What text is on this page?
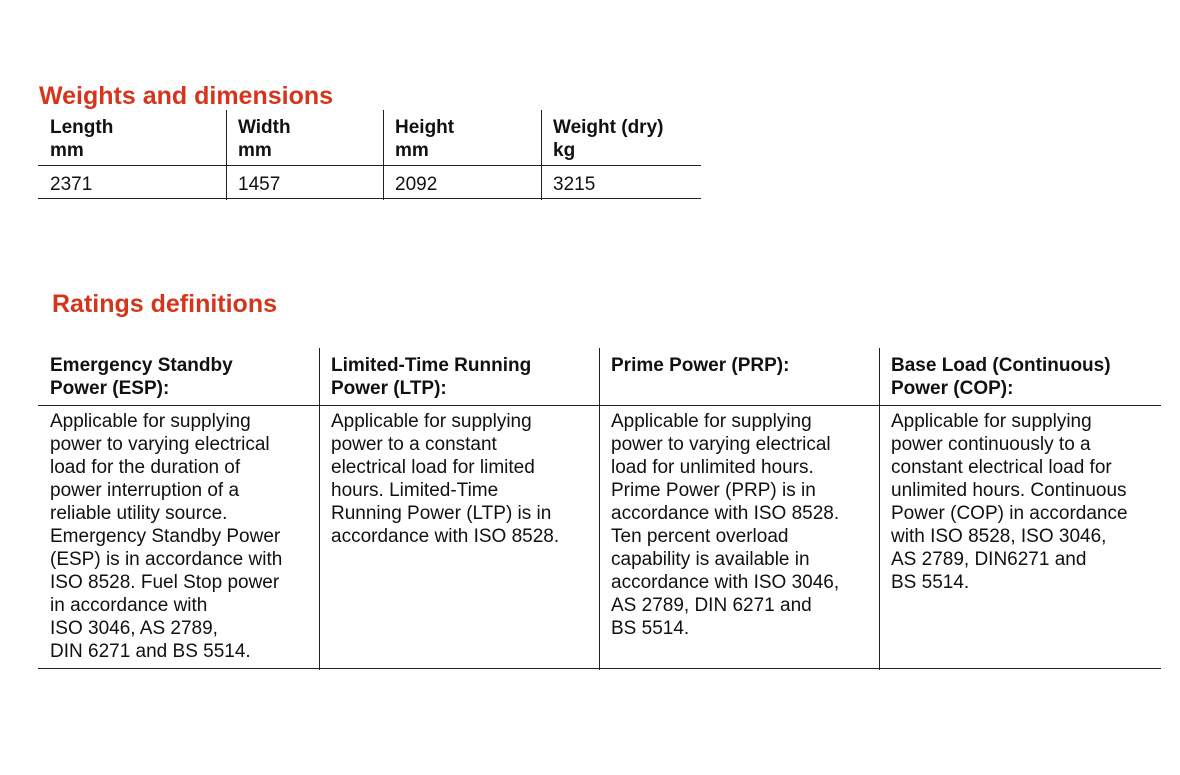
Weights and dimensions
Length
mm
2371
Width
mm
1457
Height
mm
2092
Weight (dry)
kg
3215
Ratings definitions

Emergency Standby
Power (ESP):

Applicable for supplying
power to varying electrical
load for the duration of
power interruption of a
reliable utility source.
Emergency Standby Power
(ESP) is in accordance with
ISO 8528. Fuel Stop power
in accordance with
ISO 3046, AS 2789,
DIN 6271 and BS 5514.

Limited-Time Running
Power (LTP):

Applicable for supplying
power to a constant
electrical load for limited
hours. Limited-Time
Running Power (LTP) is in
accordance with ISO 8528.

Prime Power (PRP):

Applicable for supplying
power to varying electrical
load for unlimited hours.
Prime Power (PRP) is in
accordance with ISO 8528.
Ten percent overload
capability is available in
accordance with ISO 3046,
AS 2789, DIN 6271 and
BS 5514.

Base Load (Continuous)
Power (COP):

Applicable for supplying
power continuously to a
constant electrical load for
unlimited hours. Continuous
Power (COP) in accordance
with ISO 8528, ISO 3046,
AS 2789, DIN6271 and
BS 5514.
